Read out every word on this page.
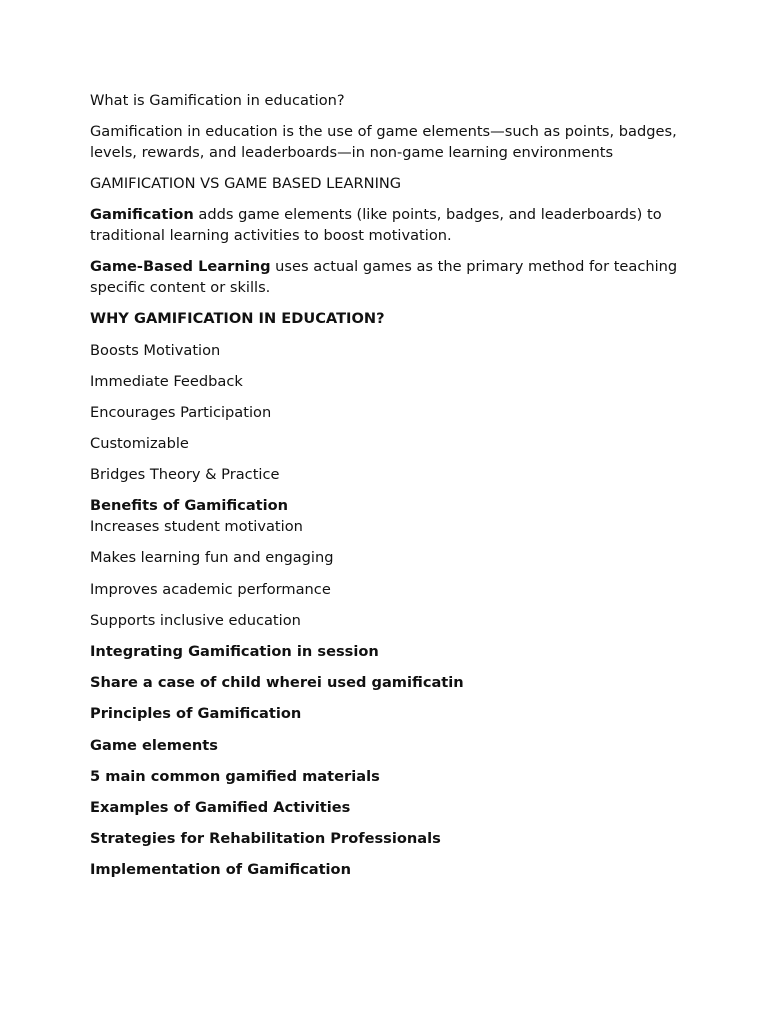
What is Gamification in education?

Gamification in education is the use of game elements—such as points, badges, levels, rewards, and leaderboards—in non-game learning environments

GAMIFICATION VS GAME BASED LEARNING

Gamification adds game elements (like points, badges, and leaderboards) to traditional learning activities to boost motivation.

Game-Based Learning uses actual games as the primary method for teaching specific content or skills.

WHY GAMIFICATION IN EDUCATION?

Boosts Motivation

Immediate Feedback

Encourages Participation

Customizable

Bridges Theory & Practice

Benefits of Gamification

Increases student motivation

Makes learning fun and engaging

Improves academic performance

Supports inclusive education

Integrating Gamification in session

Share a case of child wherei used gamificatin

Principles of Gamification

Game elements

5 main common gamified materials

Examples of Gamified Activities

Strategies for Rehabilitation Professionals

Implementation of Gamification
